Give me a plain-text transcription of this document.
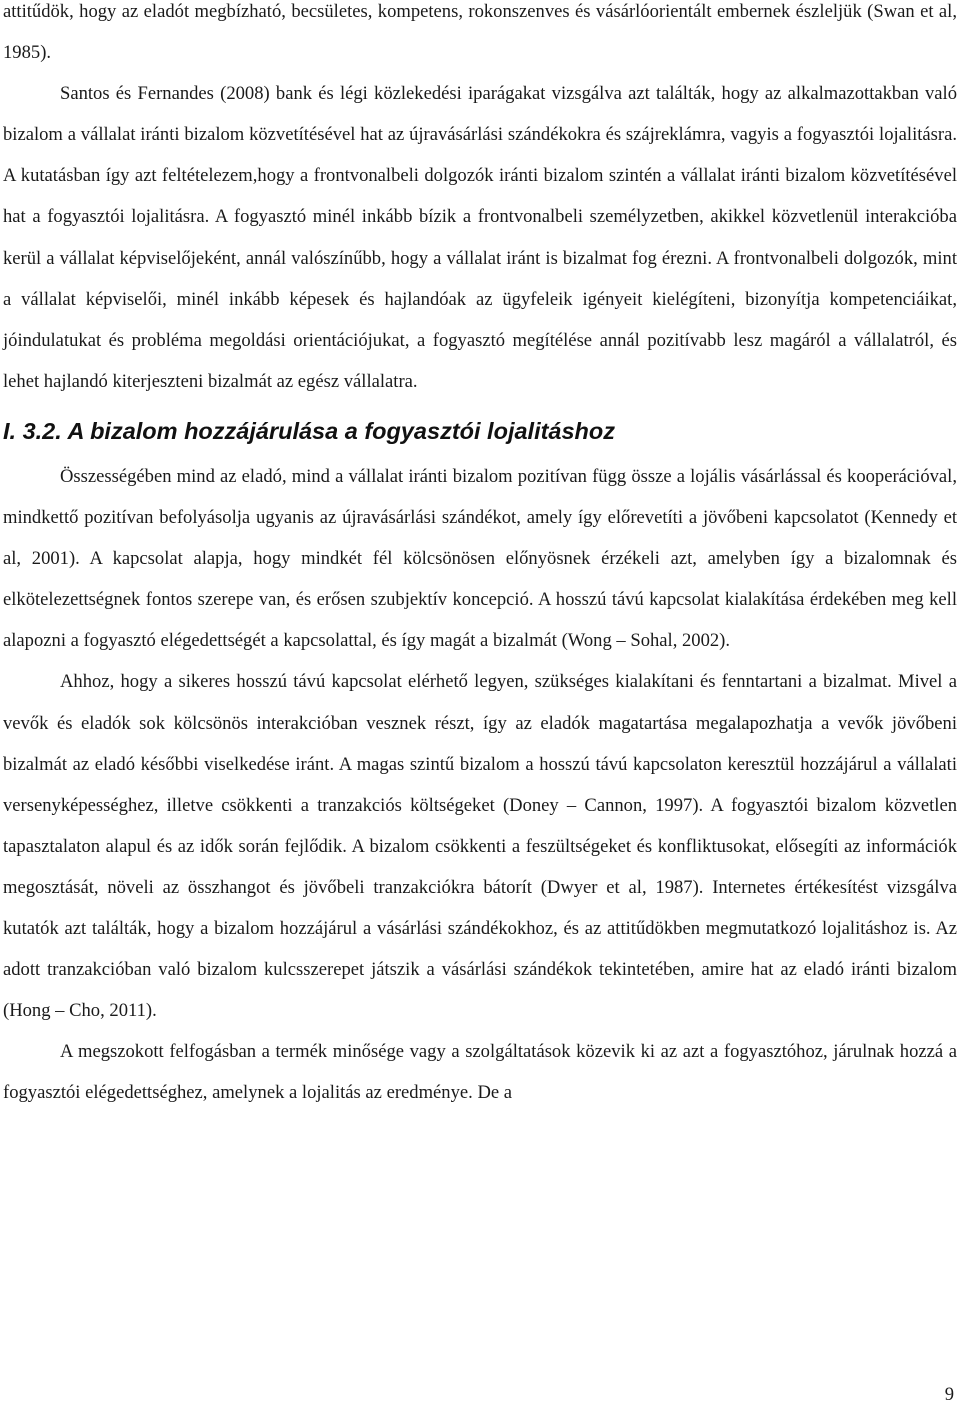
attitűdök, hogy az eladót megbízható, becsületes, kompetens, rokonszenves és vásárlóorientált embernek észleljük (Swan et al, 1985).

Santos és Fernandes (2008) bank és légi közlekedési iparágakat vizsgálva azt találták, hogy az alkalmazottakban való bizalom a vállalat iránti bizalom közvetítésével hat az újravásárlási szándékokra és szájreklámra, vagyis a fogyasztói lojalitásra. A kutatásban így azt feltételezem,hogy a frontvonalbeli dolgozók iránti bizalom szintén a vállalat iránti bizalom közvetítésével hat a fogyasztói lojalitásra. A fogyasztó minél inkább bízik a frontvonalbeli személyzetben, akikkel közvetlenül interakcióba kerül a vállalat képviselőjeként, annál valószínűbb, hogy a vállalat iránt is bizalmat fog érezni. A frontvonalbeli dolgozók, mint a vállalat képviselői, minél inkább képesek és hajlandóak az ügyfeleik igényeit kielégíteni, bizonyítja kompetenciáikat, jóindulatukat és probléma megoldási orientációjukat, a fogyasztó megítélése annál pozitívabb lesz magáról a vállalatról, és lehet hajlandó kiterjeszteni bizalmát az egész vállalatra.

I. 3.2. A bizalom hozzájárulása a fogyasztói lojalitáshoz

Összességében mind az eladó, mind a vállalat iránti bizalom pozitívan függ össze a lojális vásárlással és kooperációval, mindkettő pozitívan befolyásolja ugyanis az újravásárlási szándékot, amely így előrevetíti a jövőbeni kapcsolatot (Kennedy et al, 2001). A kapcsolat alapja, hogy mindkét fél kölcsönösen előnyösnek érzékeli azt, amelyben így a bizalomnak és elkötelezettségnek fontos szerepe van, és erősen szubjektív koncepció. A hosszú távú kapcsolat kialakítása érdekében meg kell alapozni a fogyasztó elégedettségét a kapcsolattal, és így magát a bizalmát (Wong – Sohal, 2002).

Ahhoz, hogy a sikeres hosszú távú kapcsolat elérhető legyen, szükséges kialakítani és fenntartani a bizalmat. Mivel a vevők és eladók sok kölcsönös interakcióban vesznek részt, így az eladók magatartása megalapozhatja a vevők jövőbeni bizalmát az eladó későbbi viselkedése iránt. A magas szintű bizalom a hosszú távú kapcsolaton keresztül hozzájárul a vállalati versenyképességhez, illetve csökkenti a tranzakciós költségeket (Doney – Cannon, 1997). A fogyasztói bizalom közvetlen tapasztalaton alapul és az idők során fejlődik. A bizalom csökkenti a feszültségeket és konfliktusokat, elősegíti az információk megosztását, növeli az összhangot és jövőbeli tranzakciókra bátorít (Dwyer et al, 1987). Internetes értékesítést vizsgálva kutatók azt találták, hogy a bizalom hozzájárul a vásárlási szándékokhoz, és az attitűdökben megmutatkozó lojalitáshoz is. Az adott tranzakcióban való bizalom kulcsszerepet játszik a vásárlási szándékok tekintetében, amire hat az eladó iránti bizalom (Hong – Cho, 2011).

A megszokott felfogásban a termék minősége vagy a szolgáltatások közevik ki az azt a fogyasztóhoz, járulnak hozzá a fogyasztói elégedettséghez, amelynek a lojalitás az eredménye. De a

9
